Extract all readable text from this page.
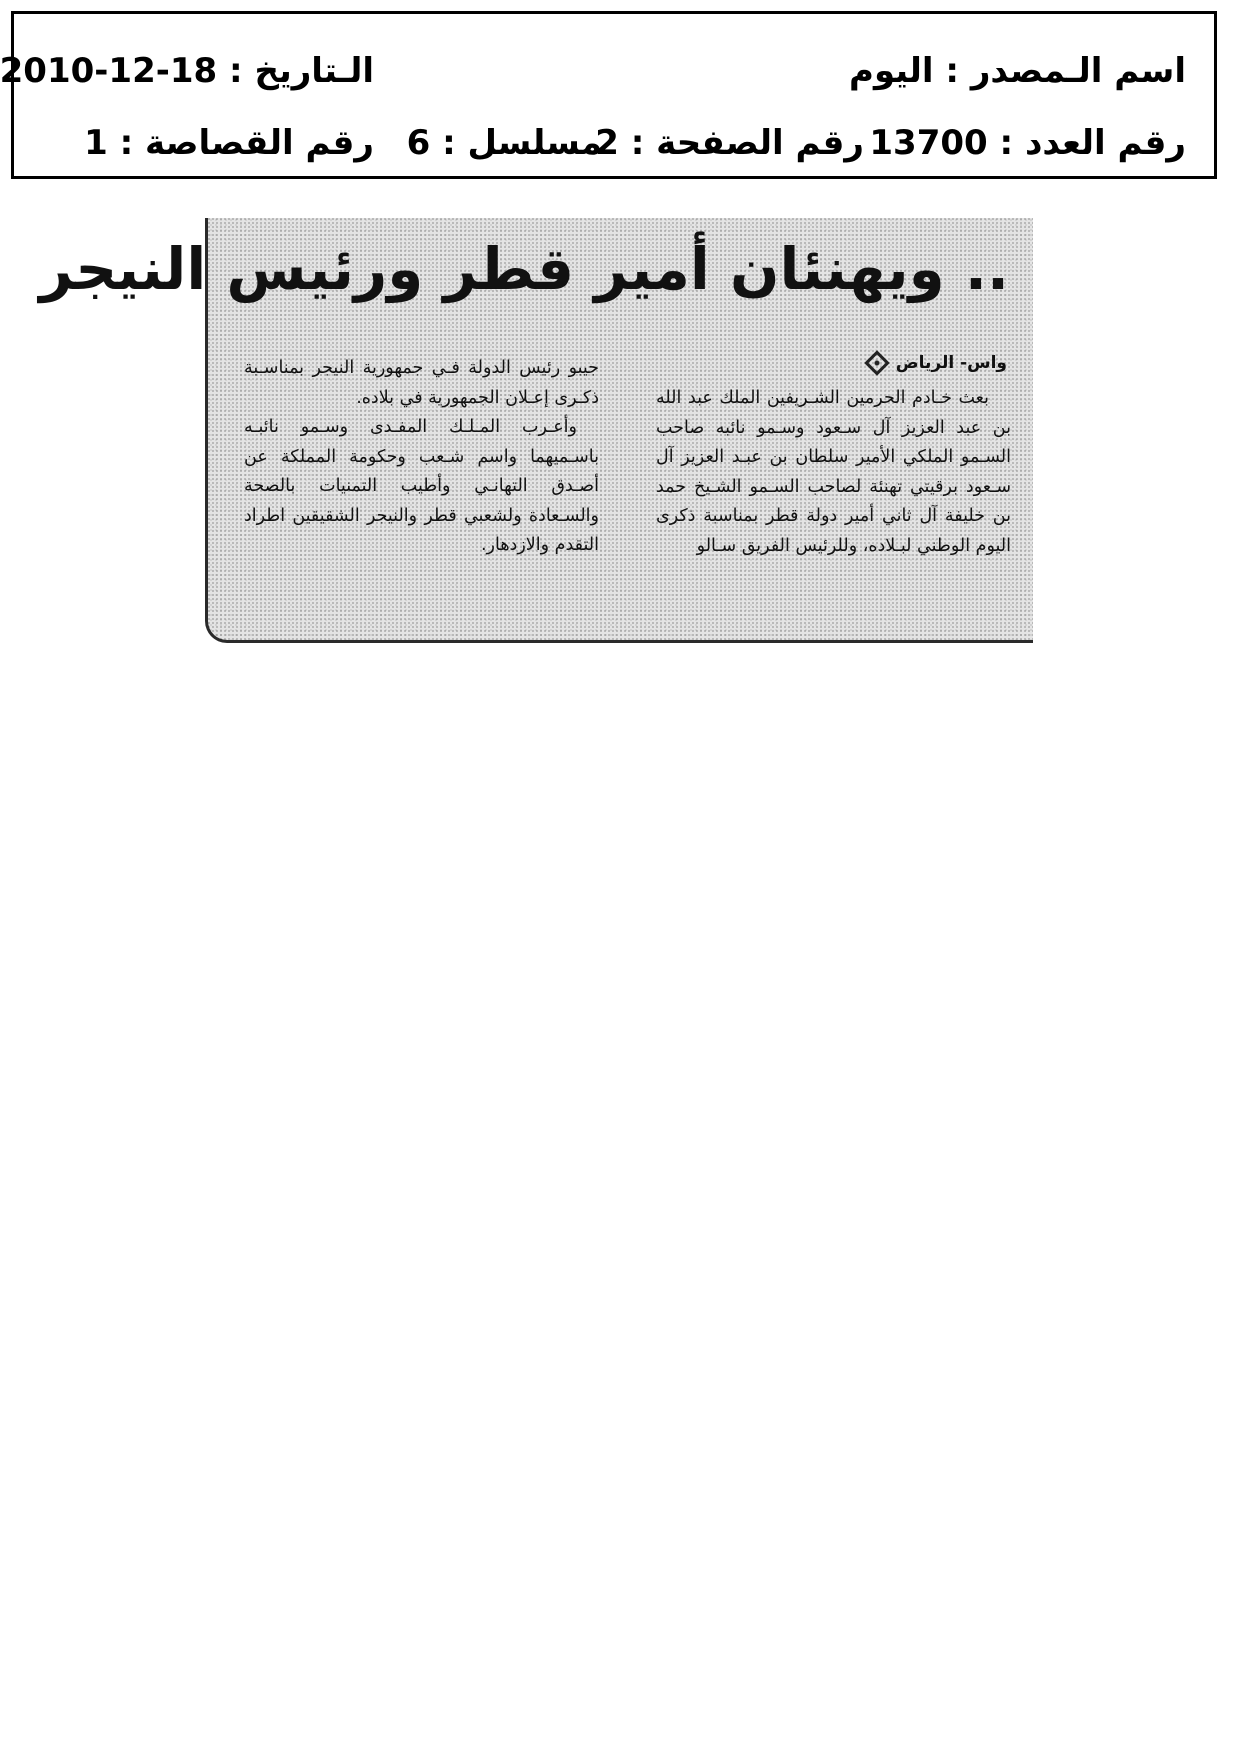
اسم الـمصدر : اليوم
الـتاريخ : 18-12-2010
رقم العدد : 13700
رقم الصفحة : 2
مسلسل : 6
رقم القصاصة : 1
.. ويهنئان أمير قطر ورئيس النيجر
واس- الرياض

بعث خـادم الحرمين الشـريفين الملك عبد الله بن عبد العزيز آل سـعود وسـمو نائبه صاحب السـمو الملكي الأمير سلطان بن عبـد العزيز آل سـعود برقيتي تهنئة لصاحب السـمو الشـيخ حمد بن خليفة آل ثاني أمير دولة قطر بمناسبة ذكرى اليوم الوطني لبـلاده، وللرئيس الفريق سـالو

جيبو رئيس الدولة فـي جمهورية النيجر بمناسـبة ذكـرى إعـلان الجمهورية في بلاده.

وأعـرب المـلـك المفـدى وسـمو نائبـه باسـميهما واسم شـعب وحكومة المملكة عن أصـدق التهانـي وأطيب التمنيات بالصحة والسـعادة ولشعبي قطر والنيجر الشقيقين اطراد التقدم والازدهار.
